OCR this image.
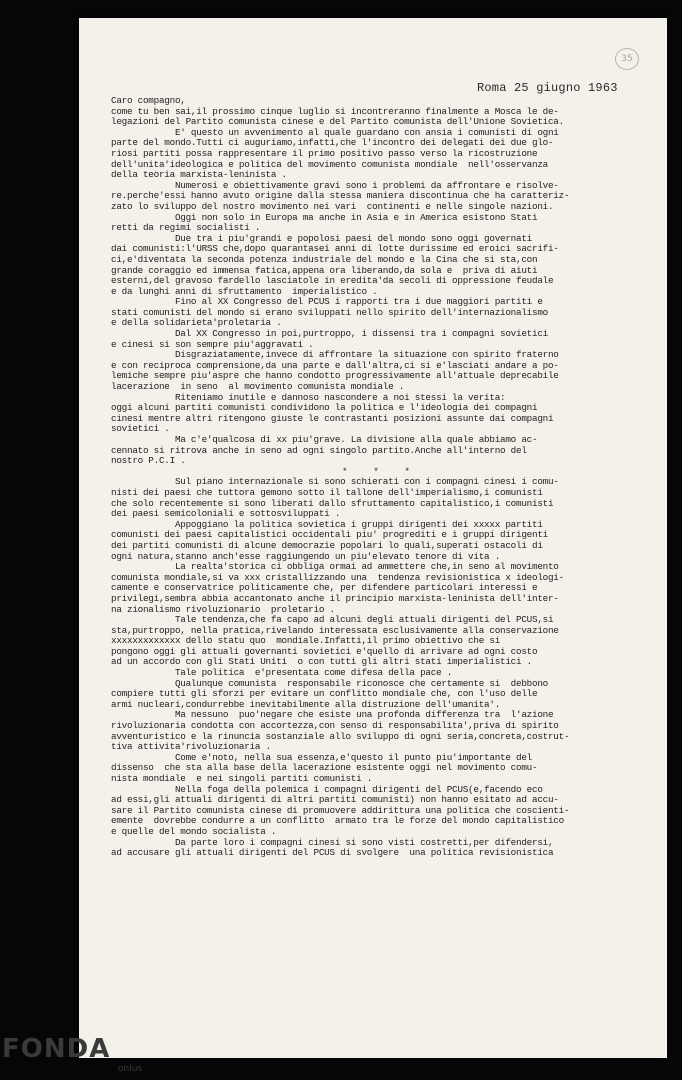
35
Roma 25 giugno 1963
Caro compagno,
come tu ben sai,il prossimo cinque luglio si incontreranno finalmente a Mosca le de-
legazioni del Partito comunista cinese e del Partito comunista dell'Unione Sovietica.
E' questo un avvenimento al quale guardano con ansia i comunisti di ogni
parte del mondo.Tutti ci auguriamo,infatti,che l'incontro dei delegati dei due glo-
riosi partiti possa rappresentare il primo positivo passo verso la ricostruzione
dell'unita'ideologica e politica del movimento comunista mondiale  nell'osservanza
della teoria marxista-leninista .
Numerosi e obiettivamente gravi sono i problemi da affrontare e risolve-
re.perche'essi hanno avuto origine dalla stessa maniera discontinua che ha caratteriz-
zato lo sviluppo del nostro movimento nei vari  continenti e nelle singole nazioni.
Oggi non solo in Europa ma anche in Asia e in America esistono Stati
retti da regimi socialisti .
Due tra i piu'grandi e popolosi paesi del mondo sono oggi governati
dai comunisti:l'URSS che,dopo quarantasei anni di lotte durissime ed eroici sacrifi-
ci,e'diventata la seconda potenza industriale del mondo e la Cina che si sta,con
grande coraggio ed immensa fatica,appena ora liberando,da sola e  priva di aiuti
esterni,del gravoso fardello lasciatole in eredita'da secoli di oppressione feudale
e da lunghi anni di sfruttamento  imperialistico .
Fino al XX Congresso del PCUS i rapporti tra i due maggiori partiti e
stati comunisti del mondo si erano sviluppati nello spirito dell'internazionalismo
e della solidarieta'proletaria .
Dal XX Congresso in poi,purtroppo, i dissensi tra i compagni sovietici
e cinesi si son sempre piu'aggravati .
Disgraziatamente,invece di affrontare la situazione con spirito fraterno
e con reciproca comprensione,da una parte e dall'altra,ci si e'lasciati andare a po-
lemiche sempre piu'aspre che hanno condotto progressivamente all'attuale deprecabile
lacerazione  in seno  al movimento comunista mondiale .
Riteniamo inutile e dannoso nascondere a noi stessi la verita:
oggi alcuni partiti comunisti condividono la politica e l'ideologia dei compagni
cinesi mentre altri ritengono giuste le contrastanti posizioni assunte dai compagni
sovietici .
Ma c'e'qualcosa di xx piu'grave. La divisione alla quale abbiamo ac-
cennato si ritrova anche in seno ad ogni singolo partito.Anche all'interno del
nostro P.C.I .
* * *
Sul piano internazionale si sono schierati con i compagni cinesi i comu-
nisti dei paesi che tuttora gemono sotto il tallone dell'imperialismo,i comunisti
che solo recentemente si sono liberati dallo sfruttamento capitalistico,i comunisti
dei paesi semicoloniali e sottosviluppati .
Appoggiano la politica sovietica i gruppi dirigenti dei xxxxx partiti
comunisti dei paesi capitalistici occidentali piu' progrediti e i gruppi dirigenti
dei partiti comunisti di alcune democrazie popolari lo quali,superati ostacoli di
ogni natura,stanno anch'esse raggiungendo un piu'elevato tenore di vita .
La realta'storica ci obbliga ormai ad ammettere che,in seno al movimento
comunista mondiale,si va xxx cristallizzando una  tendenza revisionistica x ideologi-
camente e conservatrice politicamente che, per difendere particolari interessi e
privilegi,sembra abbia accantonato anche il principio marxista-leninista dell'inter-
na zionalismo rivoluzionario  proletario .
Tale tendenza,che fa capo ad alcuni degli attuali dirigenti del PCUS,si
sta,purtroppo, nella pratica,rivelando interessata esclusivamente alla conservazione
xxxxxxxxxxxxx dello statu quo  mondiale.Infatti,il primo obiettivo che si
pongono oggi gli attuali governanti sovietici e'quello di arrivare ad ogni costo
ad un accordo con gli Stati Uniti  o con tutti gli altri stati imperialistici .
Tale politica  e'presentata come difesa della pace .
Qualunque comunista  responsabile riconosce che certamente si  debbono
compiere tutti gli sforzi per evitare un conflitto mondiale che, con l'uso delle
armi nucleari,condurrebbe inevitabilmente alla distruzione dell'umanita'.
Ma nessuno  puo'negare che esiste una profonda differenza tra  l'azione
rivoluzionaria condotta con accortezza,con senso di responsabilita',priva di spirito
avventuristico e la rinuncia sostanziale allo sviluppo di ogni seria,concreta,costrut-
tiva attivita'rivoluzionaria .
Come e'noto, nella sua essenza,e'questo il punto piu'importante del
dissenso  che sta alla base della lacerazione esistente oggi nel movimento comu-
nista mondiale  e nei singoli partiti comunisti .
Nella foga della polemica i compagni dirigenti del PCUS(e,facendo eco
ad essi,gli attuali dirigenti di altri partiti comunisti) non hanno esitato ad accu-
sare il Partito comunista cinese di promuovere addirittura una politica che coscienti-
emente  dovrebbe condurre a un conflitto  armato tra le forze del mondo capitalistico
e quelle del mondo socialista .
Da parte loro i compagni cinesi si sono visti costretti,per difendersi,
ad accusare gli attuali dirigenti del PCUS di svolgere  una politica revisionistica
FONDA
onlus
